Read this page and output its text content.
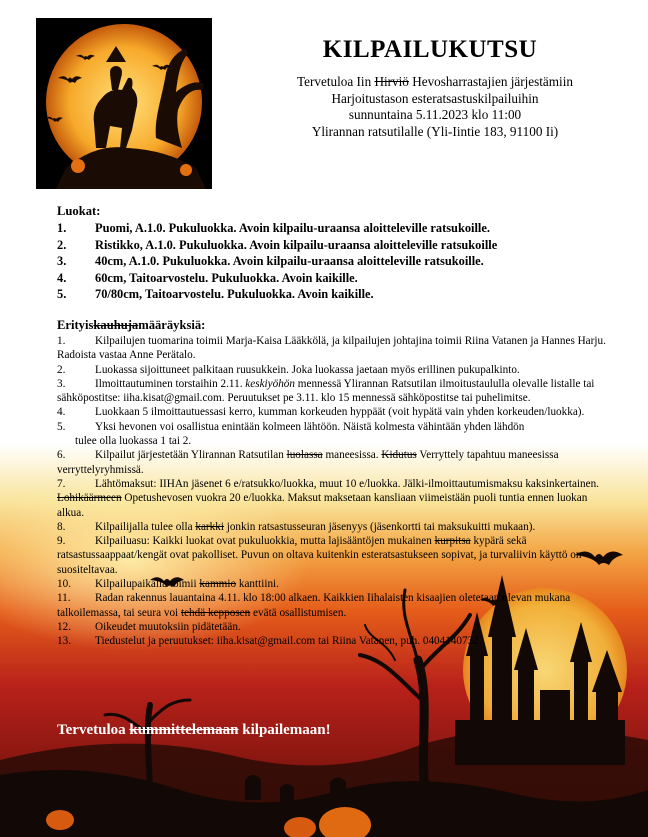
KILPAILUKUTSU
Tervetuloa Iin Hirviö Hevosharrastajien järjestämiin
Harjoitustason esteratsastuskilpailuihin
sunnuntaina 5.11.2023 klo 11:00
Ylirannan ratsutilalle (Yli-Iintie 183, 91100 Ii)
Luokat:
1.	Puomi, A.1.0. Pukuluokka. Avoin kilpailu-uraansa aloitteleville ratsukoille.
2.	Ristikko, A.1.0. Pukuluokka. Avoin kilpailu-uraansa aloitteleville ratsukoille
3.	40cm, A.1.0. Pukuluokka. Avoin kilpailu-uraansa aloitteleville ratsukoille.
4.	60cm, Taitoarvostelu. Pukuluokka. Avoin kaikille.
5.	70/80cm, Taitoarvostelu. Pukuluokka. Avoin kaikille.
Erityiskauhujamääräyksiä:

1.	Kilpailujen tuomarina toimii Marja-Kaisa Lääkkölä, ja kilpailujen johtajina toimii Riina Vatanen ja Hannes Harju. Radoista vastaa Anne Perätalo.

2.	Luokassa sijoittuneet palkitaan ruusukkein. Joka luokassa jaetaan myös erillinen pukupalkinto.

3.	Ilmoittautuminen torstaihin 2.11. keskiyöhön mennessä Ylirannan Ratsutilan ilmoitustaululla olevalle listalle tai sähköpostitse: iiha.kisat@gmail.com. Peruutukset pe 3.11. klo 15 mennessä sähköpostitse tai puhelimitse.

4.	Luokkaan 5 ilmoittautuessasi kerro, kumman korkeuden hyppäät (voit hypätä vain yhden korkeuden/luokka).

5.	Yksi hevonen voi osallistua enintään kolmeen lähtöön. Näistä kolmesta vähintään yhden lähdön
tulee olla luokassa 1 tai 2.

6.	Kilpailut järjestetään Ylirannan Ratsutilan luolassa maneesissa. Kidutus Verryttely tapahtuu maneesissa verryttelyryhmissä.

7.	Lähtömaksut: IIHAn jäsenet 6 e/ratsukko/luokka, muut 10 e/luokka. Jälki-ilmoittautumismaksu kaksinkertainen. Lohikäärmeen Opetushevosen vuokra 20 e/luokka. Maksut maksetaan kansliaan viimeistään puoli tuntia ennen luokan alkua.

8.	Kilpailijalla tulee olla karkki jonkin ratsastusseuran jäsenyys (jäsenkortti tai maksukuitti mukaan).

9.	Kilpailuasu: Kaikki luokat ovat pukuluokkia, mutta lajisääntöjen mukainen kurpitsa kypärä sekä ratsastussaappaat/kengät ovat pakolliset. Puvun on oltava kuitenkin esteratsastukseen sopivat, ja turvaliivin käyttö on suositeltavaa.

10. Kilpailupaikalla toimii kammio kanttiini.

11. Radan rakennus lauantaina 4.11. klo 18:00 alkaen. Kaikkien Iihalaisten kisaajien oletetaan olevan mukana talkoilemassa, tai seura voi tehdä kepposen evätä osallistumisen.

12. Oikeudet muutoksiin pidätetään.

13. Tiedustelut ja peruutukset: iiha.kisat@gmail.com tai Riina Vatanen, puh. 0404140732

Tervetuloa kummittelemaan kilpailemaan!
